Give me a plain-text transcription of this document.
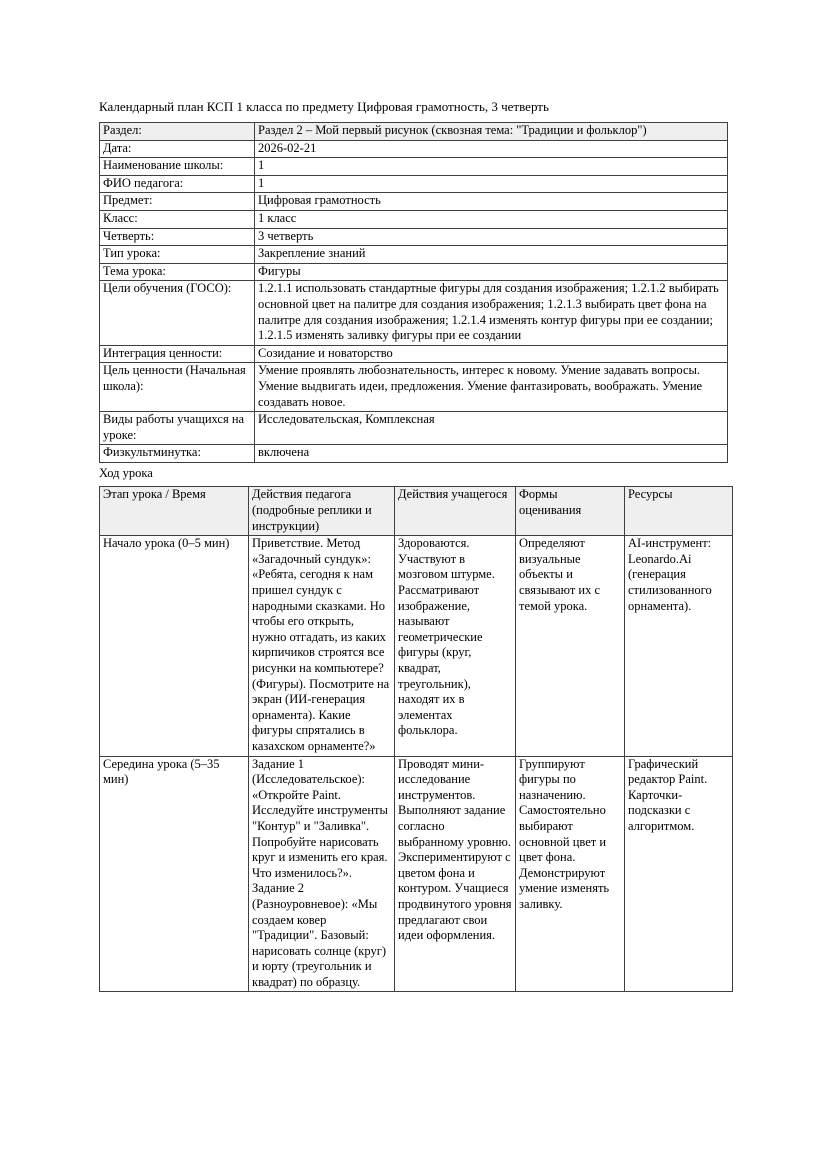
Календарный план КСП 1 класса по предмету Цифровая грамотность, 3 четверть

Раздел:	Раздел 2 – Мой первый рисунок (сквозная тема: "Традиции и фольклор")
Дата:	2026-02-21
Наименование школы:	1
ФИО педагога:	1
Предмет:	Цифровая грамотность
Класс:	1 класс
Четверть:	3 четверть
Тип урока:	Закрепление знаний
Тема урока:	Фигуры
Цели обучения (ГОСО):	1.2.1.1 использовать стандартные фигуры для создания изображения; 1.2.1.2 выбирать основной цвет на палитре для создания изображения; 1.2.1.3 выбирать цвет фона на палитре для создания изображения; 1.2.1.4 изменять контур фигуры при ее создании; 1.2.1.5 изменять заливку фигуры при ее создании
Интеграция ценности:	Созидание и новаторство
Цель ценности (Начальная школа):	Умение проявлять любознательность, интерес к новому. Умение задавать вопросы. Умение выдвигать идеи, предложения. Умение фантазировать, воображать. Умение создавать новое.
Виды работы учащихся на уроке:	Исследовательская, Комплексная
Физкультминутка:	включена

Ход урока

Этап урока / Время	Действия педагога (подробные реплики и инструкции)	Действия учащегося	Формы оценивания	Ресурсы
Начало урока (0–5 мин)	Приветствие. Метод «Загадочный сундук»: «Ребята, сегодня к нам пришел сундук с народными сказками. Но чтобы его открыть, нужно отгадать, из каких кирпичиков строятся все рисунки на компьютере? (Фигуры). Посмотрите на экран (ИИ-генерация орнамента). Какие фигуры спрятались в казахском орнаменте?»	Здороваются. Участвуют в мозговом штурме. Рассматривают изображение, называют геометрические фигуры (круг, квадрат, треугольник), находят их в элементах фольклора.	Определяют визуальные объекты и связывают их с темой урока.	AI-инструмент: Leonardo.Ai (генерация стилизованного орнамента).
Середина урока (5–35 мин)	Задание 1 (Исследовательское): «Откройте Paint. Исследуйте инструменты "Контур" и "Заливка". Попробуйте нарисовать круг и изменить его края. Что изменилось?». Задание 2 (Разноуровневое): «Мы создаем ковер "Традиции". Базовый: нарисовать солнце (круг) и юрту (треугольник и квадрат) по образцу.	Проводят мини-исследование инструментов. Выполняют задание согласно выбранному уровню. Экспериментируют с цветом фона и контуром. Учащиеся продвинутого уровня предлагают свои идеи оформления.	Группируют фигуры по назначению. Самостоятельно выбирают основной цвет и цвет фона. Демонстрируют умение изменять заливку.	Графический редактор Paint. Карточки-подсказки с алгоритмом.
